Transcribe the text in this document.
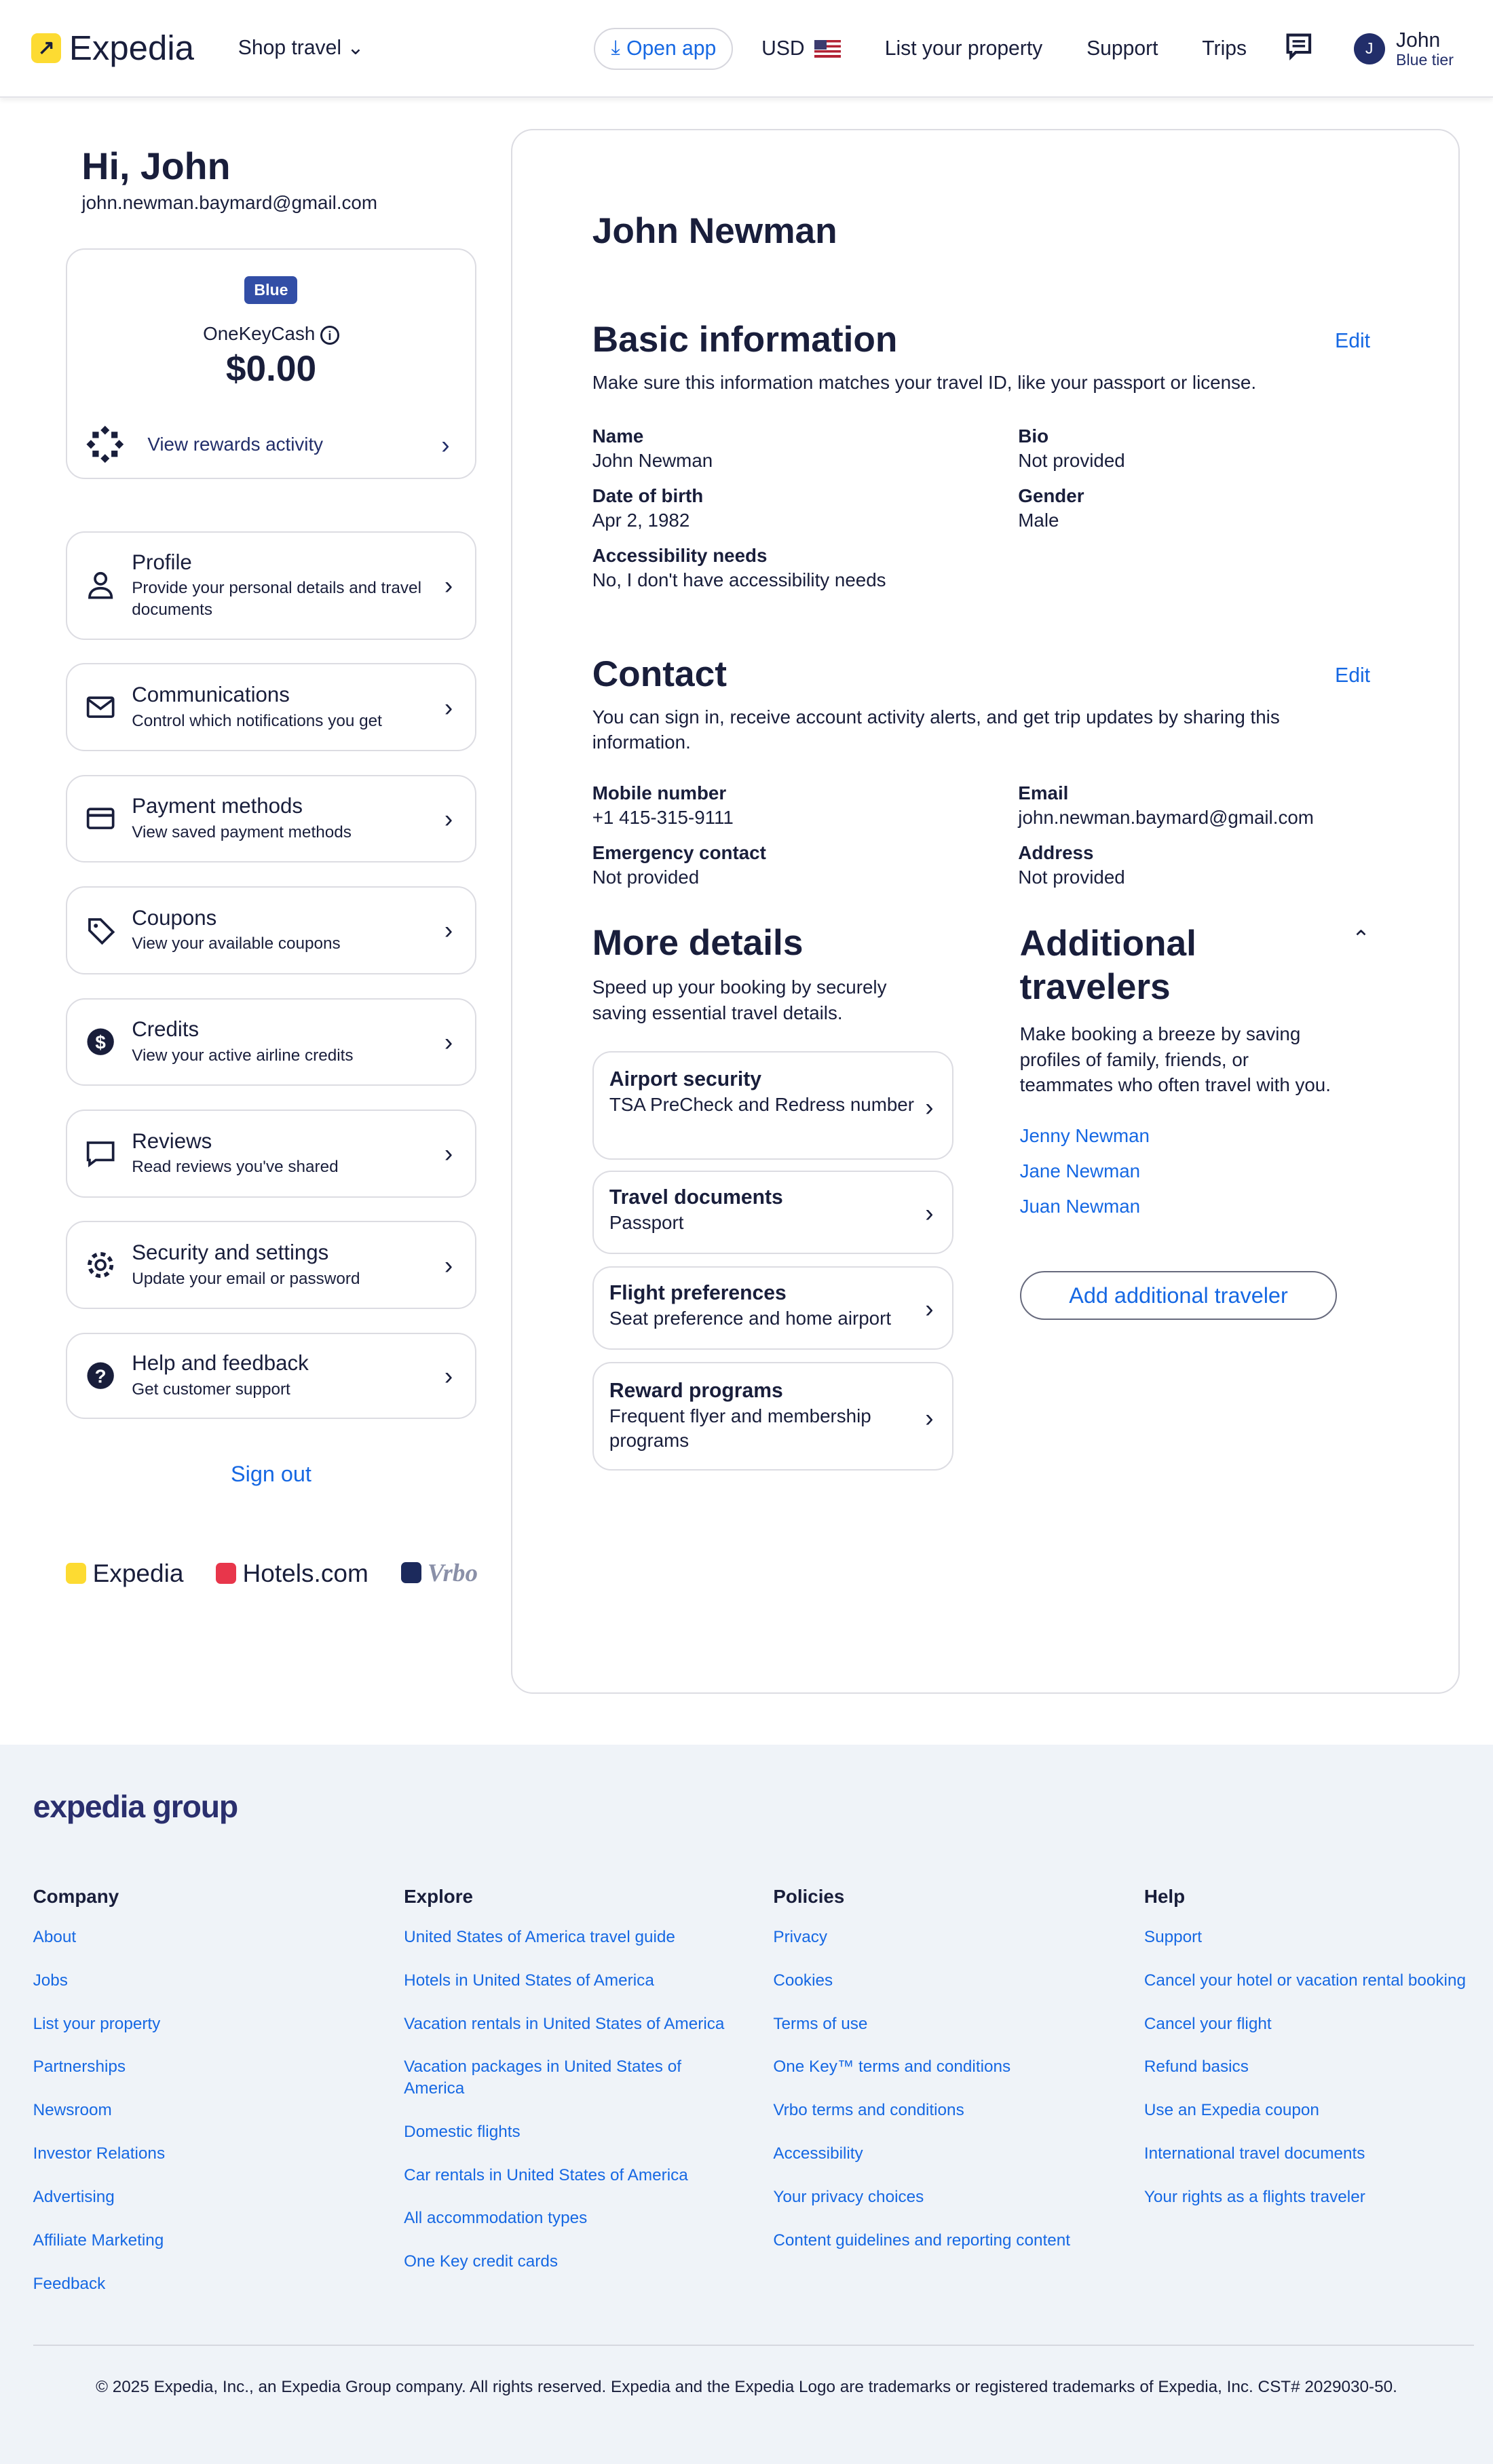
↗ Expedia	Shop travel ⌄	⤓ Open app	USD	List your property	Support	Trips	J	John
Blue tier
Hi, John
john.newman.baymard@gmail.com
Blue
OneKeyCash i
$0.00
View rewards activity	›
Profile
Provide your personal details and travel documents
›
Communications
Control which notifications you get	›
Payment methods
View saved payment methods	›
Coupons
View your available coupons	›
$
Credits
View your active airline credits	›
Reviews
Read reviews you've shared	›
Security and settings
Update your email or password	›
?
Help and feedback
Get customer support	›
Sign out
Expedia	Hotels.com	Vrbo
John Newman
Basic information	Edit
Make sure this information matches your travel ID, like your passport or license.
Name
John Newman
Bio
Not provided
Date of birth
Apr 2, 1982
Gender
Male
Accessibility needs
No, I don't have accessibility needs
Contact	Edit
You can sign in, receive account activity alerts, and get trip updates by sharing this information.
Mobile number
+1 415-315-9111
Email
john.newman.baymard@gmail.com
Emergency contact
Not provided
Address
Not provided
More details
Speed up your booking by securely saving essential travel details.
Airport security
TSA PreCheck and Redress number	›
Travel documents
Passport	›
Flight preferences
Seat preference and home airport	›
Reward programs
Frequent flyer and membership programs
›
Additional travelers
Make booking a breeze by saving profiles of family, friends, or teammates who often travel with you.
⌃
Jenny Newman
Jane Newman
Juan Newman
Add additional traveler
expedia group
Company
About
Jobs
List your property
Partnerships
Newsroom
Investor Relations
Advertising
Affiliate Marketing
Feedback
Explore
United States of America travel guide
Hotels in United States of America
Vacation rentals in United States of America
Vacation packages in United States of America
Domestic flights
Car rentals in United States of America
All accommodation types
One Key credit cards
Policies
Privacy
Cookies
Terms of use
One Key™ terms and conditions
Vrbo terms and conditions
Accessibility
Your privacy choices
Content guidelines and reporting content
Help
Support
Cancel your hotel or vacation rental booking
Cancel your flight
Refund basics
Use an Expedia coupon
International travel documents
Your rights as a flights traveler
© 2025 Expedia, Inc., an Expedia Group company. All rights reserved. Expedia and the Expedia Logo are trademarks or registered trademarks of Expedia, Inc. CST# 2029030-50.
